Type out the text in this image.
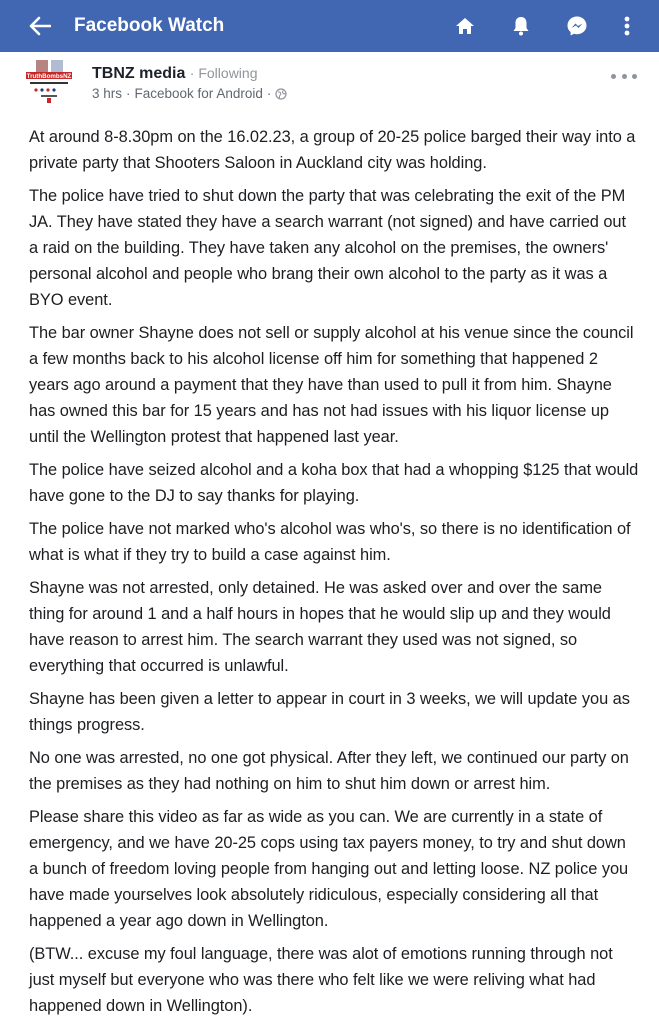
Facebook Watch
TruthBombsNZ TBNZ media · Following
3 hrs · Facebook for Android ·

At around 8-8.30pm on the 16.02.23, a group of 20-25 police barged their way into a private party that Shooters Saloon in Auckland city was holding.

The police have tried to shut down the party that was celebrating the exit of the PM JA. They have stated they have a search warrant (not signed) and have carried out a raid on the building. They have taken any alcohol on the premises, the owners' personal alcohol and people who brang their own alcohol to the party as it was a BYO event.

The bar owner Shayne does not sell or supply alcohol at his venue since the council a few months back to his alcohol license off him for something that happened 2 years ago around a payment that they have than used to pull it from him. Shayne has owned this bar for 15 years and has not had issues with his liquor license up until the Wellington protest that happened last year.

The police have seized alcohol and a koha box that had a whopping $125 that would have gone to the DJ to say thanks for playing.

The police have not marked who's alcohol was who's, so there is no identification of what is what if they try to build a case against him.

Shayne was not arrested, only detained. He was asked over and over the same thing for around 1 and a half hours in hopes that he would slip up and they would have reason to arrest him. The search warrant they used was not signed, so everything that occurred is unlawful.

Shayne has been given a letter to appear in court in 3 weeks, we will update you as things progress.

No one was arrested, no one got physical. After they left, we continued our party on the premises as they had nothing on him to shut him down or arrest him.

Please share this video as far as wide as you can. We are currently in a state of emergency, and we have 20-25 cops using tax payers money, to try and shut down a bunch of freedom loving people from hanging out and letting loose. NZ police you have made yourselves look absolutely ridiculous, especially considering all that happened a year ago down in Wellington.

(BTW... excuse my foul language, there was alot of emotions running through not just myself but everyone who was there who felt like we were reliving what had happened down in Wellington).
